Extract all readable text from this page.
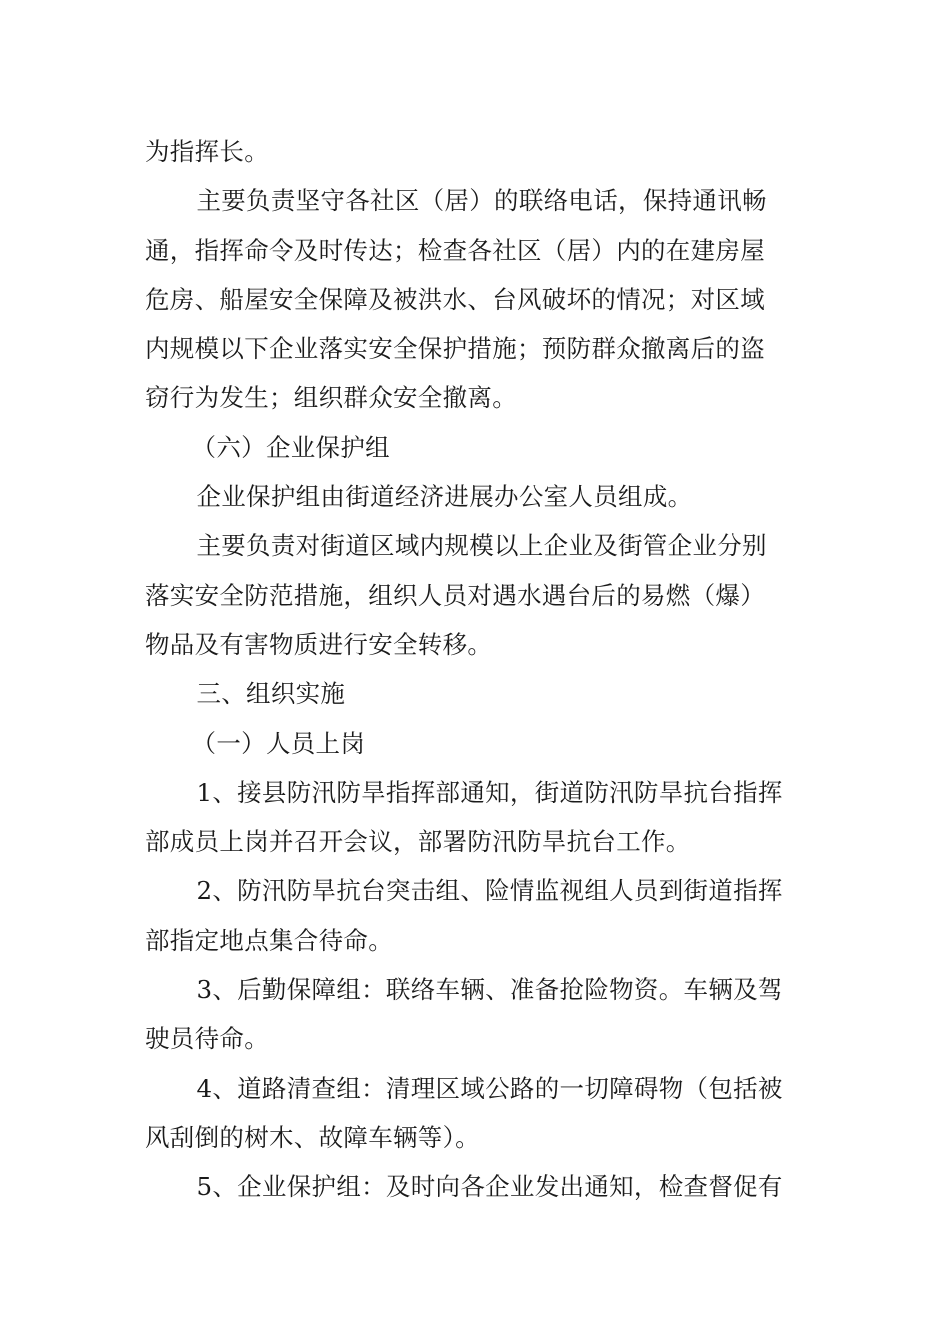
为指挥长。
主要负责坚守各社区（居）的联络电话，保持通讯畅
通，指挥命令及时传达；检查各社区（居）内的在建房屋
危房、船屋安全保障及被洪水、台风破坏的情况；对区域
内规模以下企业落实安全保护措施；预防群众撤离后的盗
窃行为发生；组织群众安全撤离。
（六）企业保护组
企业保护组由街道经济进展办公室人员组成。
主要负责对街道区域内规模以上企业及街管企业分别
落实安全防范措施，组织人员对遇水遇台后的易燃（爆）
物品及有害物质进行安全转移。
三、组织实施
（一）人员上岗
1、接县防汛防旱指挥部通知，街道防汛防旱抗台指挥
部成员上岗并召开会议，部署防汛防旱抗台工作。
2、防汛防旱抗台突击组、险情监视组人员到街道指挥
部指定地点集合待命。
3、后勤保障组：联络车辆、准备抢险物资。车辆及驾
驶员待命。
4、道路清查组：清理区域公路的一切障碍物（包括被
风刮倒的树木、故障车辆等）。
5、企业保护组：及时向各企业发出通知，检查督促有
